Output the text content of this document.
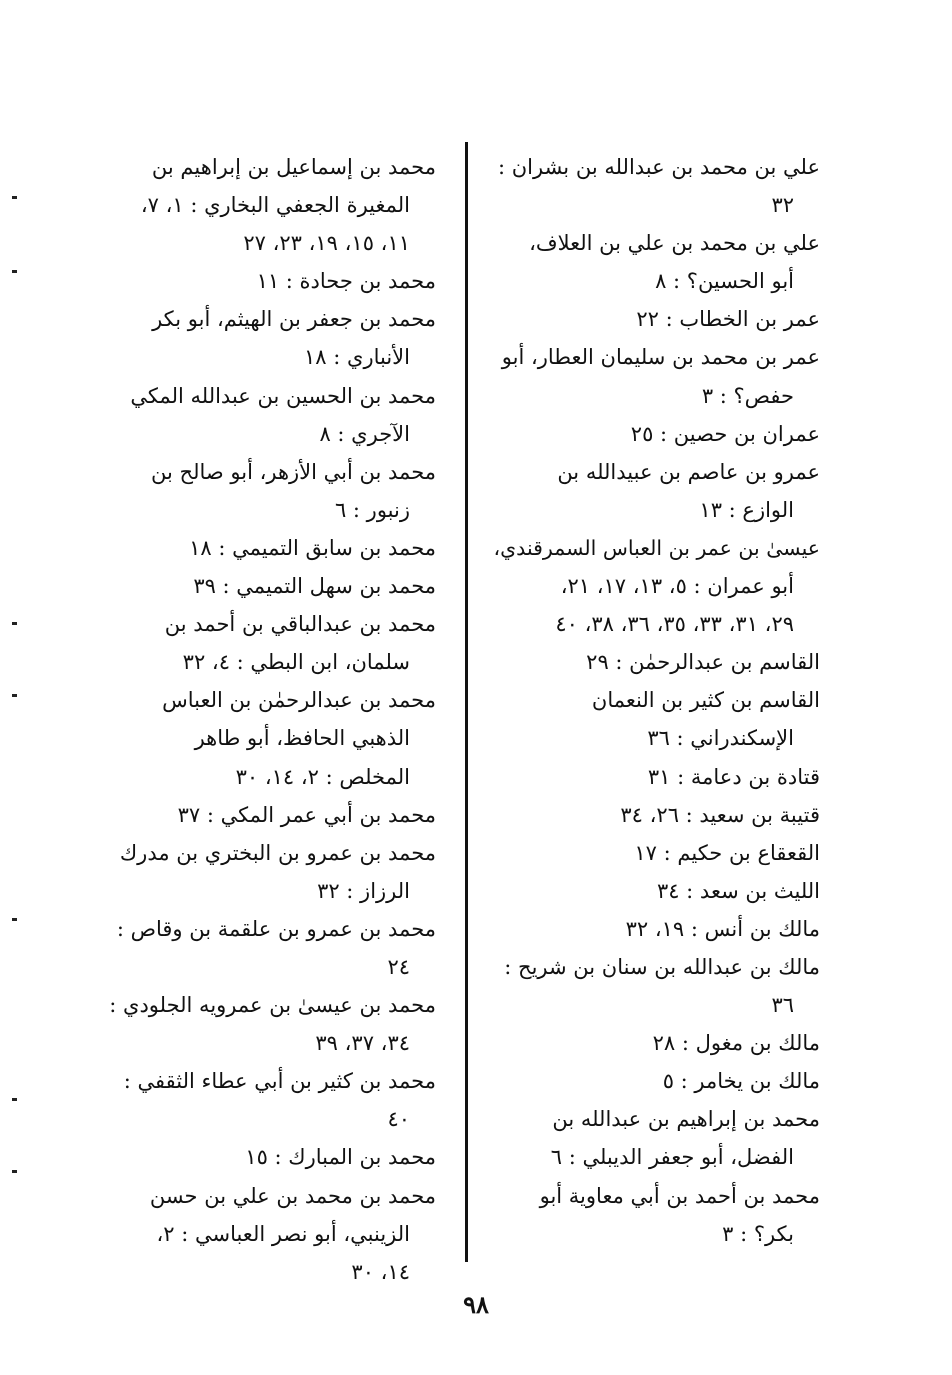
علي بن محمد بن عبدالله بن بشران :
٣٢
علي بن محمد بن علي بن العلاف،
أبو الحسين؟ : ٨
عمر بن الخطاب : ٢٢
عمر بن محمد بن سليمان العطار، أبو
حفص؟ : ٣
عمران بن حصين : ٢٥
عمرو بن عاصم بن عبيدالله بن
الوازع : ١٣
عيسىٰ بن عمر بن العباس السمرقندي،
أبو عمران : ٥، ١٣، ١٧، ٢١،
٢٩، ٣١، ٣٣، ٣٥، ٣٦، ٣٨، ٤٠
القاسم بن عبدالرحمٰن : ٢٩
القاسم بن كثير بن النعمان
الإسكندراني : ٣٦
قتادة بن دعامة : ٣١
قتيبة بن سعيد : ٢٦، ٣٤
القعقاع بن حكيم : ١٧
الليث بن سعد : ٣٤
مالك بن أنس : ١٩، ٣٢
مالك بن عبدالله بن سنان بن شريح :
٣٦
مالك بن مغول : ٢٨
مالك بن يخامر : ٥
محمد بن إبراهيم بن عبدالله بن
الفضل، أبو جعفر الديبلي : ٦
محمد بن أحمد بن أبي معاوية أبو
بكر؟ : ٣
محمد بن إسماعيل بن إبراهيم بن
المغيرة الجعفي البخاري : ١، ٧،
١١، ١٥، ١٩، ٢٣، ٢٧
محمد بن جحادة : ١١
محمد بن جعفر بن الهيثم، أبو بكر
الأنباري : ١٨
محمد بن الحسين بن عبدالله المكي
الآجري : ٨
محمد بن أبي الأزهر، أبو صالح بن
زنبور : ٦
محمد بن سابق التميمي : ١٨
محمد بن سهل التميمي : ٣٩
محمد بن عبدالباقي بن أحمد بن
سلمان، ابن البطي : ٤، ٣٢
محمد بن عبدالرحمٰن بن العباس
الذهبي الحافظ، أبو طاهر
المخلص : ٢، ١٤، ٣٠
محمد بن أبي عمر المكي : ٣٧
محمد بن عمرو بن البختري بن مدرك
الرزاز : ٣٢
محمد بن عمرو بن علقمة بن وقاص :
٢٤
محمد بن عيسىٰ بن عمرويه الجلودي :
٣٤، ٣٧، ٣٩
محمد بن كثير بن أبي عطاء الثقفي :
٤٠
محمد بن المبارك : ١٥
محمد بن محمد بن علي بن حسن
الزينبي، أبو نصر العباسي : ٢،
١٤، ٣٠
٩٨
